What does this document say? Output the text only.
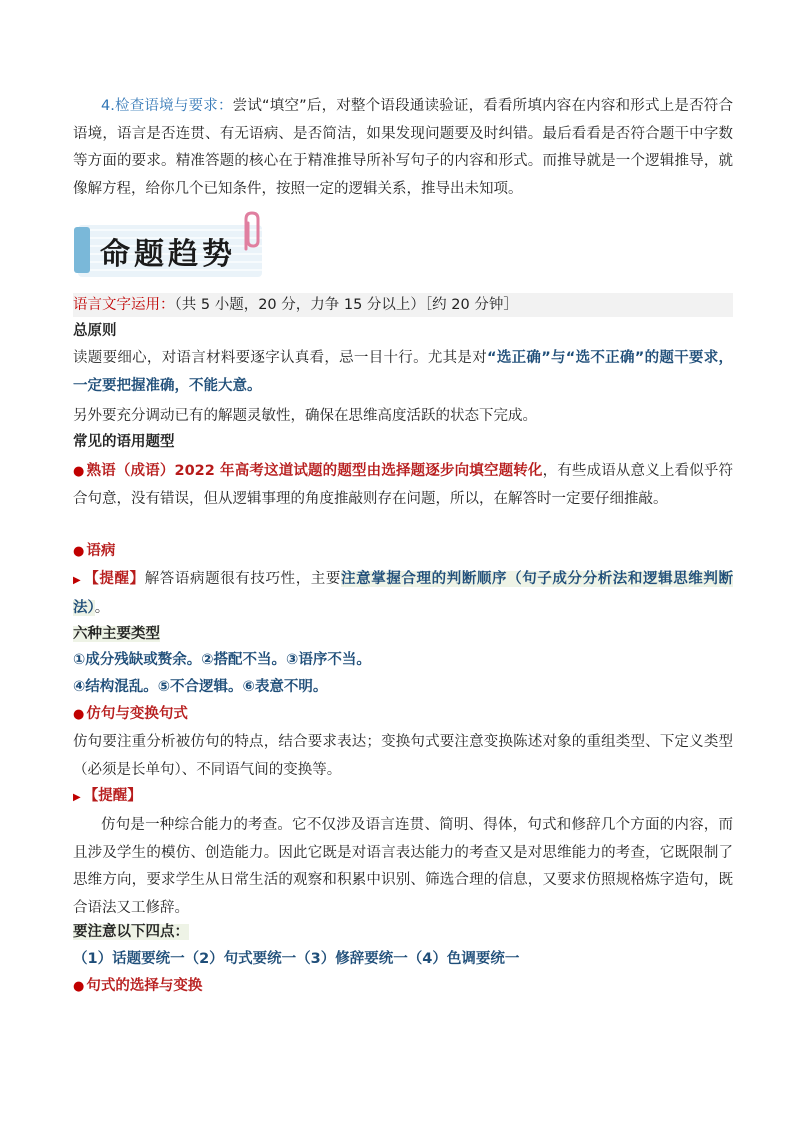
4.检查语境与要求：尝试“填空”后，对整个语段通读验证，看看所填内容在内容和形式上是否符合语境，语言是否连贯、有无语病、是否简洁，如果发现问题要及时纠错。最后看看是否符合题干中字数等方面的要求。精准答题的核心在于精准推导所补写句子的内容和形式。而推导就是一个逻辑推导，就像解方程，给你几个已知条件，按照一定的逻辑关系，推导出未知项。
命题趋势
语言文字运用：（共 5 小题，20 分，力争 15 分以上）［约 20 分钟］
总原则
读题要细心，对语言材料要逐字认真看，忌一目十行。尤其是对“选正确”与“选不正确”的题干要求，一定要把握准确，不能大意。
另外要充分调动已有的解题灵敏性，确保在思维高度活跃的状态下完成。
常见的语用题型
● 熟语（成语）2022 年高考这道试题的题型由选择题逐步向填空题转化，有些成语从意义上看似乎符合句意，没有错误，但从逻辑事理的角度推敲则存在问题，所以，在解答时一定要仔细推敲。
● 语病
▶ 【提醒】解答语病题很有技巧性，主要注意掌握合理的判断顺序（句子成分分析法和逻辑思维判断法）。
六种主要类型
①成分残缺或赘余。②搭配不当。③语序不当。
④结构混乱。⑤不合逻辑。⑥表意不明。
● 仿句与变换句式
仿句要注重分析被仿句的特点，结合要求表达；变换句式要注意变换陈述对象的重组类型、下定义类型（必须是长单句）、不同语气间的变换等。
▶ 【提醒】
仿句是一种综合能力的考查。它不仅涉及语言连贯、简明、得体，句式和修辞几个方面的内容，而且涉及学生的模仿、创造能力。因此它既是对语言表达能力的考查又是对思维能力的考查，它既限制了思维方向，要求学生从日常生活的观察和积累中识别、筛选合理的信息，又要求仿照规格炼字造句，既合语法又工修辞。
要注意以下四点：
（1）话题要统一（2）句式要统一（3）修辞要统一（4）色调要统一
● 句式的选择与变换
